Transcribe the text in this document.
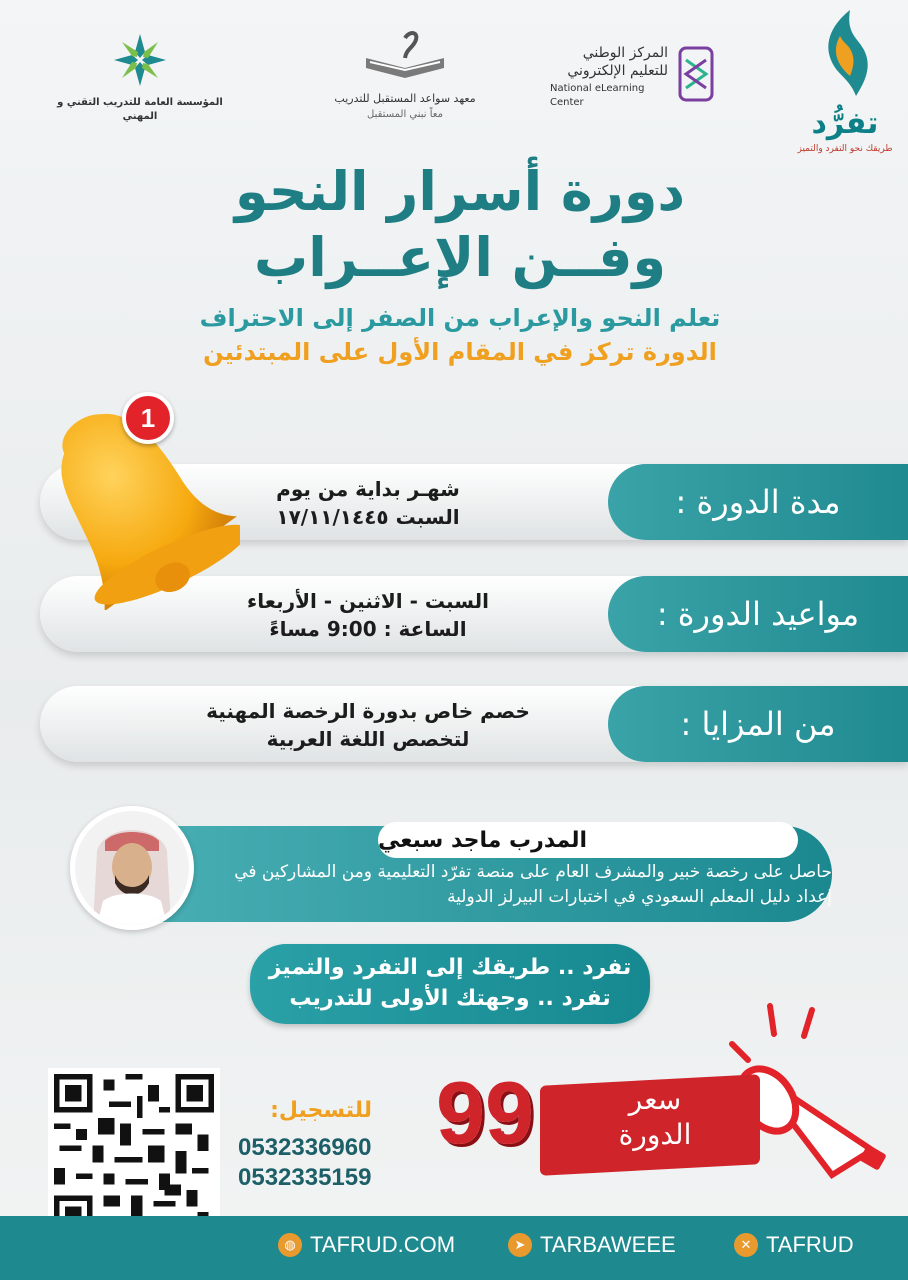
المؤسسة العامة للتدريب التقني و المهني
معهد سواعد المستقبل للتدريب
معاً نبني المستقبل
المركز الوطني
للتعليم الإلكتروني
National eLearning Center
تفرُّد
طريقك نحو التفرد والتميز
دورة أسرار النحو
وفــن الإعــراب
تعلم النحو والإعراب من الصفر إلى الاحتراف
الدورة تركز في المقام الأول على المبتدئين
مدة الدورة :
شهـر بداية من يوم
السبت ١٧/١١/١٤٤٥
مواعيد الدورة :
السبت - الاثنين - الأربعاء
الساعة : 9:00 مساءً
من المزايا :
خصم خاص بدورة الرخصة المهنية
لتخصص اللغة العربية
1
المدرب ماجد سبعي
حاصل على رخصة خبير والمشرف العام على منصة تفرّد التعليمية ومن المشاركين في إعداد دليل المعلم السعودي في اختبارات البيرلز الدولية
تفرد .. طريقك إلى التفرد والتميز
تفرد .. وجهتك الأولى للتدريب
سعر
الدورة
99
للتسجيل:
0532336960
0532335159
◍ TAFRUD.COM	➤ TARBAWEEE	✕ TAFRUD
